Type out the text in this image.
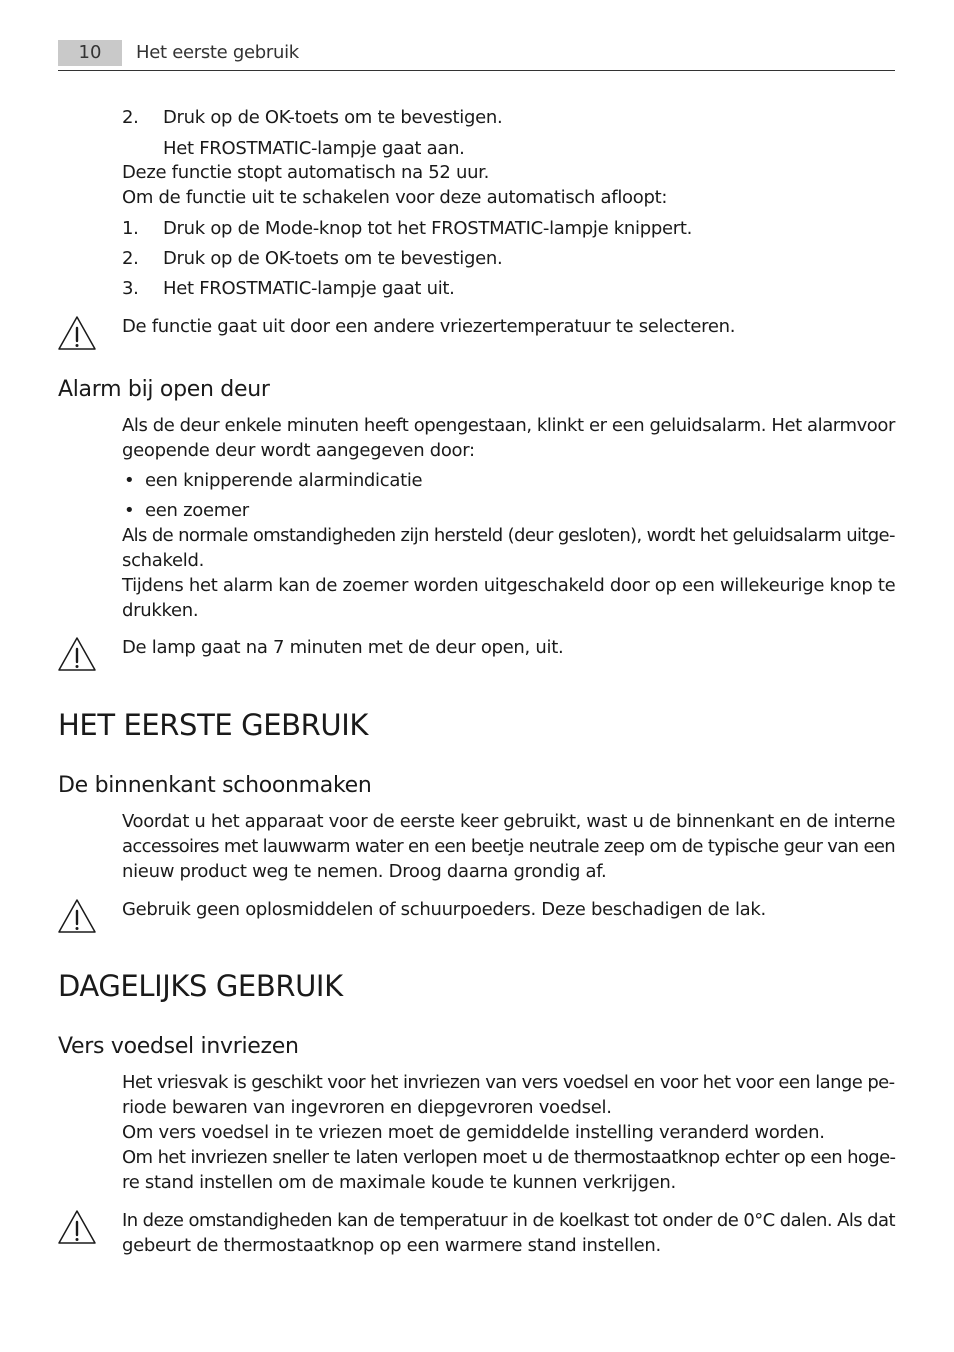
10	Het eerste gebruik
2. Druk op de OK-toets om te bevestigen.
Het FROSTMATIC-lampje gaat aan.
Deze functie stopt automatisch na 52 uur.
Om de functie uit te schakelen voor deze automatisch afloopt:
1. Druk op de Mode-knop tot het FROSTMATIC-lampje knippert.
2. Druk op de OK-toets om te bevestigen.
3. Het FROSTMATIC-lampje gaat uit.
De functie gaat uit door een andere vriezertemperatuur te selecteren.
Alarm bij open deur
Als de deur enkele minuten heeft opengestaan, klinkt er een geluidsalarm. Het alarmvoor
geopende deur wordt aangegeven door:
• een knipperende alarmindicatie
• een zoemer
Als de normale omstandigheden zijn hersteld (deur gesloten), wordt het geluidsalarm uitge-
schakeld.
Tijdens het alarm kan de zoemer worden uitgeschakeld door op een willekeurige knop te
drukken.
De lamp gaat na 7 minuten met de deur open, uit.
HET EERSTE GEBRUIK
De binnenkant schoonmaken
Voordat u het apparaat voor de eerste keer gebruikt, wast u de binnenkant en de interne
accessoires met lauwwarm water en een beetje neutrale zeep om de typische geur van een
nieuw product weg te nemen. Droog daarna grondig af.
Gebruik geen oplosmiddelen of schuurpoeders. Deze beschadigen de lak.
DAGELIJKS GEBRUIK
Vers voedsel invriezen
Het vriesvak is geschikt voor het invriezen van vers voedsel en voor het voor een lange pe-
riode bewaren van ingevroren en diepgevroren voedsel.
Om vers voedsel in te vriezen moet de gemiddelde instelling veranderd worden.
Om het invriezen sneller te laten verlopen moet u de thermostaatknop echter op een hoge-
re stand instellen om de maximale koude te kunnen verkrijgen.
In deze omstandigheden kan de temperatuur in de koelkast tot onder de 0°C dalen. Als dat
gebeurt de thermostaatknop op een warmere stand instellen.
